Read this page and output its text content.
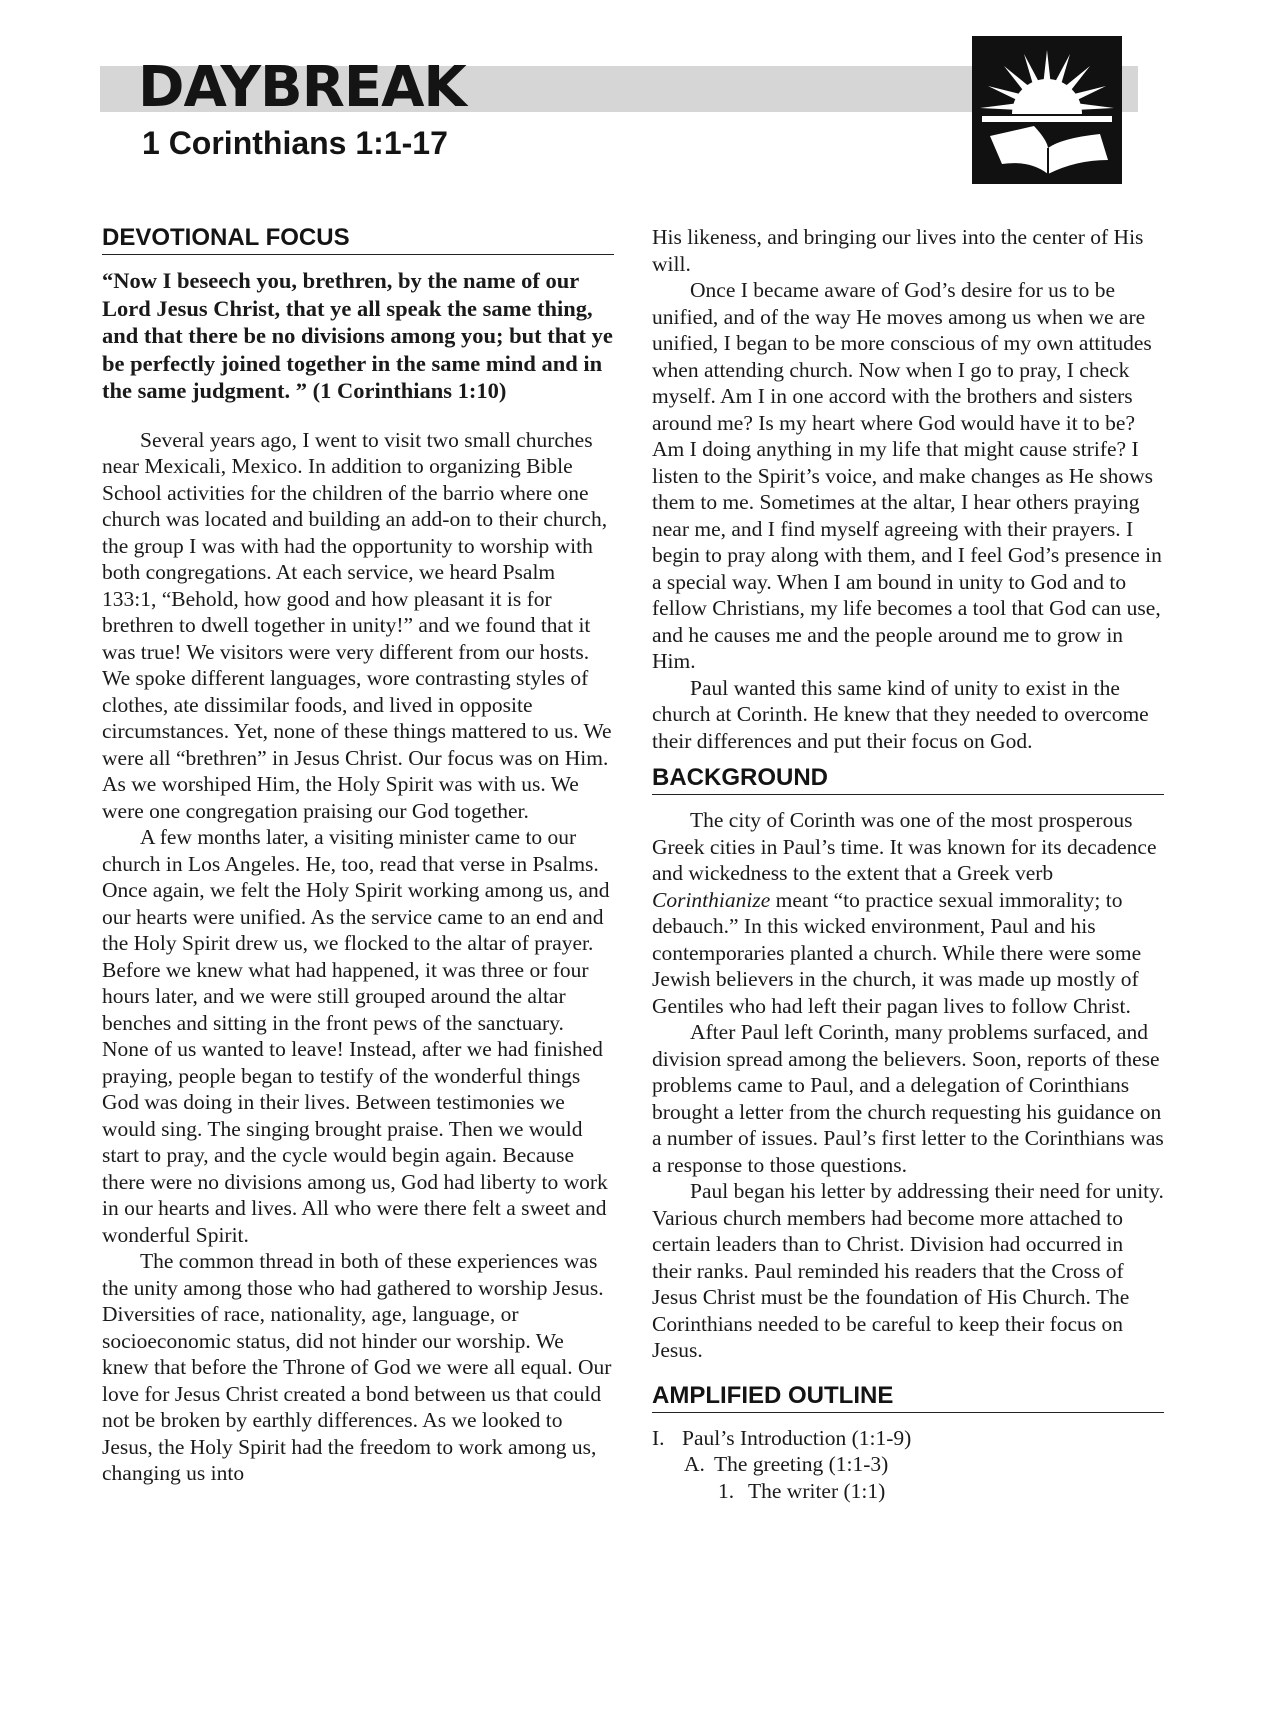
DAYBREAK
1 Corinthians 1:1-17
DEVOTIONAL FOCUS

“Now I beseech you, brethren, by the name of our Lord Jesus Christ, that ye all speak the same thing, and that there be no divisions among you; but that ye be perfectly joined together in the same mind and in the same judgment. ” (1 Corinthians 1:10)

Several years ago, I went to visit two small churches near Mexicali, Mexico. In addition to organizing Bible School activities for the children of the barrio where one church was located and building an add-on to their church, the group I was with had the opportunity to worship with both congregations. At each service, we heard Psalm 133:1, “Behold, how good and how pleasant it is for brethren to dwell together in unity!” and we found that it was true! We visitors were very different from our hosts. We spoke different languages, wore contrasting styles of clothes, ate dissimilar foods, and lived in opposite circumstances. Yet, none of these things mattered to us. We were all “brethren” in Jesus Christ. Our focus was on Him. As we worshiped Him, the Holy Spirit was with us. We were one congregation praising our God together.

A few months later, a visiting minister came to our church in Los Angeles. He, too, read that verse in Psalms. Once again, we felt the Holy Spirit working among us, and our hearts were unified. As the service came to an end and the Holy Spirit drew us, we flocked to the altar of prayer. Before we knew what had happened, it was three or four hours later, and we were still grouped around the altar benches and sitting in the front pews of the sanctuary. None of us wanted to leave! Instead, after we had finished praying, people began to testify of the wonderful things God was doing in their lives. Between testimonies we would sing. The singing brought praise. Then we would start to pray, and the cycle would begin again. Because there were no divisions among us, God had liberty to work in our hearts and lives. All who were there felt a sweet and wonderful Spirit.

The common thread in both of these experiences was the unity among those who had gathered to worship Jesus. Diversities of race, nationality, age, language, or socioeconomic status, did not hinder our worship. We knew that before the Throne of God we were all equal. Our love for Jesus Christ created a bond between us that could not be broken by earthly differences. As we looked to Jesus, the Holy Spirit had the freedom to work among us, changing us into

His likeness, and bringing our lives into the center of His will.

Once I became aware of God’s desire for us to be unified, and of the way He moves among us when we are unified, I began to be more conscious of my own attitudes when attending church. Now when I go to pray, I check myself. Am I in one accord with the brothers and sisters around me? Is my heart where God would have it to be? Am I doing anything in my life that might cause strife? I listen to the Spirit’s voice, and make changes as He shows them to me. Sometimes at the altar, I hear others praying near me, and I find myself agreeing with their prayers. I begin to pray along with them, and I feel God’s presence in a special way. When I am bound in unity to God and to fellow Christians, my life becomes a tool that God can use, and he causes me and the people around me to grow in Him.

Paul wanted this same kind of unity to exist in the church at Corinth. He knew that they needed to overcome their differences and put their focus on God.

BACKGROUND

The city of Corinth was one of the most prosperous Greek cities in Paul’s time. It was known for its decadence and wickedness to the extent that a Greek verb Corinthianize meant “to practice sexual immorality; to debauch.” In this wicked environment, Paul and his contemporaries planted a church. While there were some Jewish believers in the church, it was made up mostly of Gentiles who had left their pagan lives to follow Christ.

After Paul left Corinth, many problems surfaced, and division spread among the believers. Soon, reports of these problems came to Paul, and a delegation of Corinthians brought a letter from the church requesting his guidance on a number of issues. Paul’s first letter to the Corinthians was a response to those questions.

Paul began his letter by addressing their need for unity. Various church members had become more attached to certain leaders than to Christ. Division had occurred in their ranks. Paul reminded his readers that the Cross of Jesus Christ must be the foundation of His Church. The Corinthians needed to be careful to keep their focus on Jesus.

AMPLIFIED OUTLINE
I. Paul’s Introduction (1:1-9)
A. The greeting (1:1-3)
1. The writer (1:1)
